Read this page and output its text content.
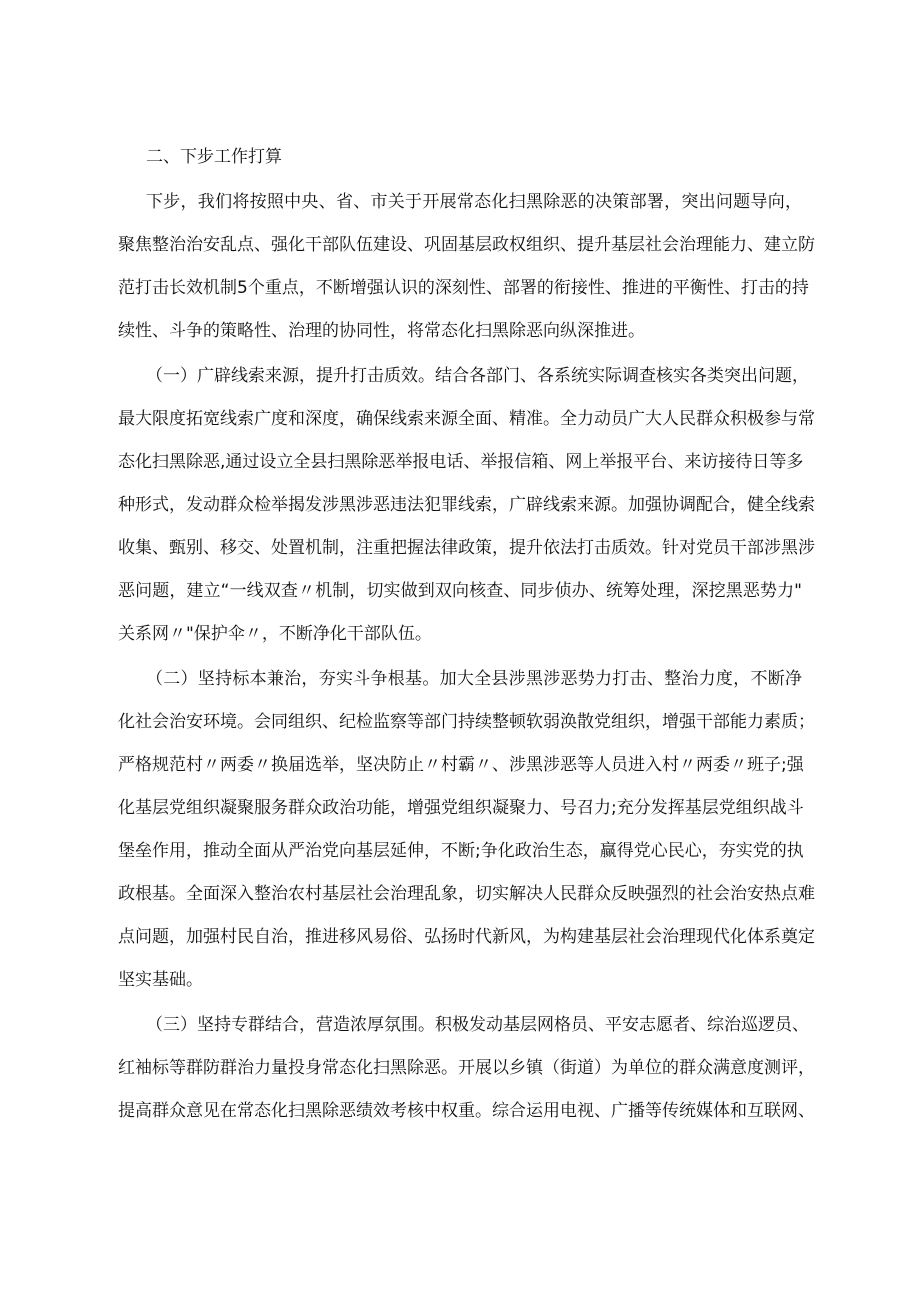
二、下步工作打算
下步，我们将按照中央、省、市关于开展常态化扫黑除恶的决策部署，突出问题导向，
聚焦整治治安乱点、强化干部队伍建设、巩固基层政权组织、提升基层社会治理能力、建立防
范打击长效机制5个重点，不断增强认识的深刻性、部署的衔接性、推进的平衡性、打击的持
续性、斗争的策略性、治理的协同性，将常态化扫黑除恶向纵深推进。
（一）广辟线索来源，提升打击质效。结合各部门、各系统实际调查核实各类突出问题，
最大限度拓宽线索广度和深度，确保线索来源全面、精准。全力动员广大人民群众积极参与常
态化扫黑除恶,通过设立全县扫黑除恶举报电话、举报信箱、网上举报平台、来访接待日等多
种形式，发动群众检举揭发涉黑涉恶违法犯罪线索，广辟线索来源。加强协调配合，健全线索
收集、甄别、移交、处置机制，注重把握法律政策，提升依法打击质效。针对党员干部涉黑涉
恶问题，建立“一线双查〃机制，切实做到双向核查、同步侦办、统筹处理，深挖黑恶势力"
关系网〃"保护伞〃，不断净化干部队伍。
（二）坚持标本兼治，夯实斗争根基。加大全县涉黑涉恶势力打击、整治力度，不断净
化社会治安环境。会同组织、纪检监察等部门持续整顿软弱涣散党组织，增强干部能力素质；
严格规范村〃两委〃换届选举，坚决防止〃村霸〃、涉黑涉恶等人员进入村〃两委〃班子;强
化基层党组织凝聚服务群众政治功能，增强党组织凝聚力、号召力;充分发挥基层党组织战斗
堡垒作用，推动全面从严治党向基层延伸，不断;争化政治生态，赢得党心民心，夯实党的执
政根基。全面深入整治农村基层社会治理乱象，切实解决人民群众反映强烈的社会治安热点难
点问题，加强村民自治，推进移风易俗、弘扬时代新风，为构建基层社会治理现代化体系奠定
坚实基础。
（三）坚持专群结合，营造浓厚氛围。积极发动基层网格员、平安志愿者、综治巡逻员、
红袖标等群防群治力量投身常态化扫黑除恶。开展以乡镇（街道）为单位的群众满意度测评，
提高群众意见在常态化扫黑除恶绩效考核中权重。综合运用电视、广播等传统媒体和互联网、
